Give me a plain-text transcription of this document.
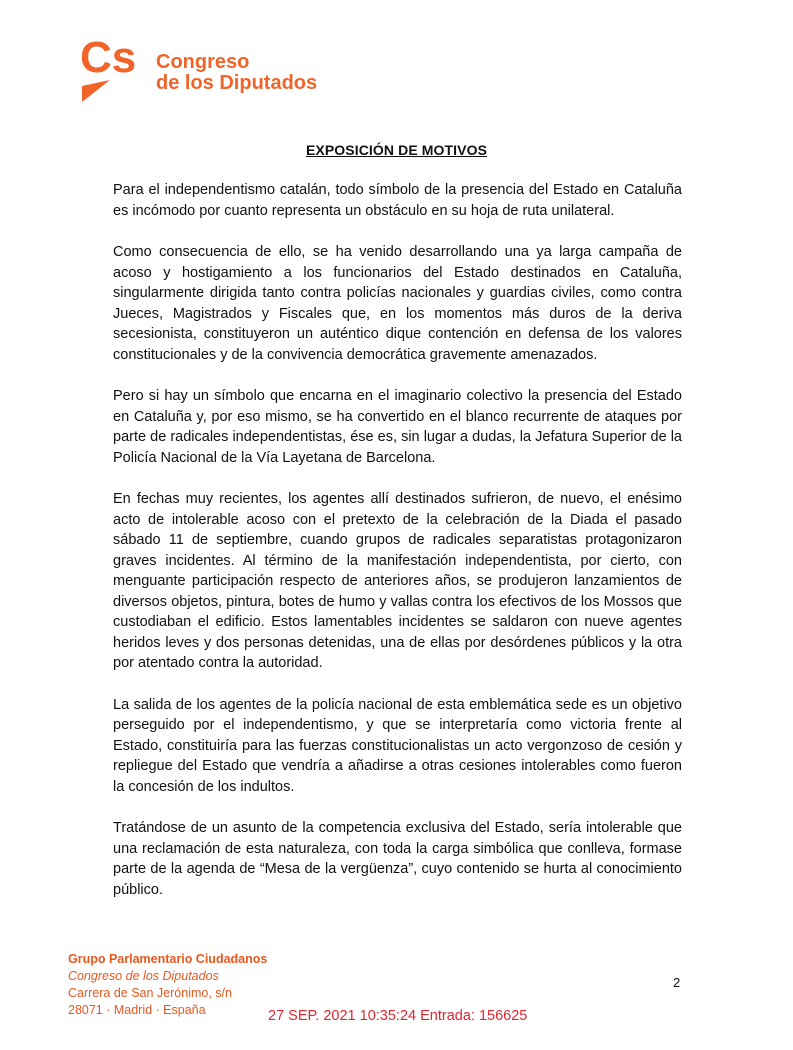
Cs Congreso
de los Diputados
EXPOSICIÓN DE MOTIVOS

Para el independentismo catalán, todo símbolo de la presencia del Estado en Cataluña es incómodo por cuanto representa un obstáculo en su hoja de ruta unilateral.

Como consecuencia de ello, se ha venido desarrollando una ya larga campaña de acoso y hostigamiento a los funcionarios del Estado destinados en Cataluña, singularmente dirigida tanto contra policías nacionales y guardias civiles, como contra Jueces, Magistrados y Fiscales que, en los momentos más duros de la deriva secesionista, constituyeron un auténtico dique contención en defensa de los valores constitucionales y de la convivencia democrática gravemente amenazados.

Pero si hay un símbolo que encarna en el imaginario colectivo la presencia del Estado en Cataluña y, por eso mismo, se ha convertido en el blanco recurrente de ataques por parte de radicales independentistas, ése es, sin lugar a dudas, la Jefatura Superior de la Policía Nacional de la Vía Layetana de Barcelona.

En fechas muy recientes, los agentes allí destinados sufrieron, de nuevo, el enésimo acto de intolerable acoso con el pretexto de la celebración de la Diada el pasado sábado 11 de septiembre, cuando grupos de radicales separatistas protagonizaron graves incidentes. Al término de la manifestación independentista, por cierto, con menguante participación respecto de anteriores años, se produjeron lanzamientos de diversos objetos, pintura, botes de humo y vallas contra los efectivos de los Mossos que custodiaban el edificio. Estos lamentables incidentes se saldaron con nueve agentes heridos leves y dos personas detenidas, una de ellas por desórdenes públicos y la otra por atentado contra la autoridad.

La salida de los agentes de la policía nacional de esta emblemática sede es un objetivo perseguido por el independentismo, y que se interpretaría como victoria frente al Estado, constituiría para las fuerzas constitucionalistas un acto vergonzoso de cesión y repliegue del Estado que vendría a añadirse a otras cesiones intolerables como fueron la concesión de los indultos.

Tratándose de un asunto de la competencia exclusiva del Estado, sería intolerable que una reclamación de esta naturaleza, con toda la carga simbólica que conlleva, formase parte de la agenda de “Mesa de la vergüenza”, cuyo contenido se hurta al conocimiento público.

Grupo Parlamentario Ciudadanos
Congreso de los Diputados
Carrera de San Jerónimo, s/n
28071 · Madrid · España
2
27 SEP. 2021 10:35:24 Entrada: 156625
